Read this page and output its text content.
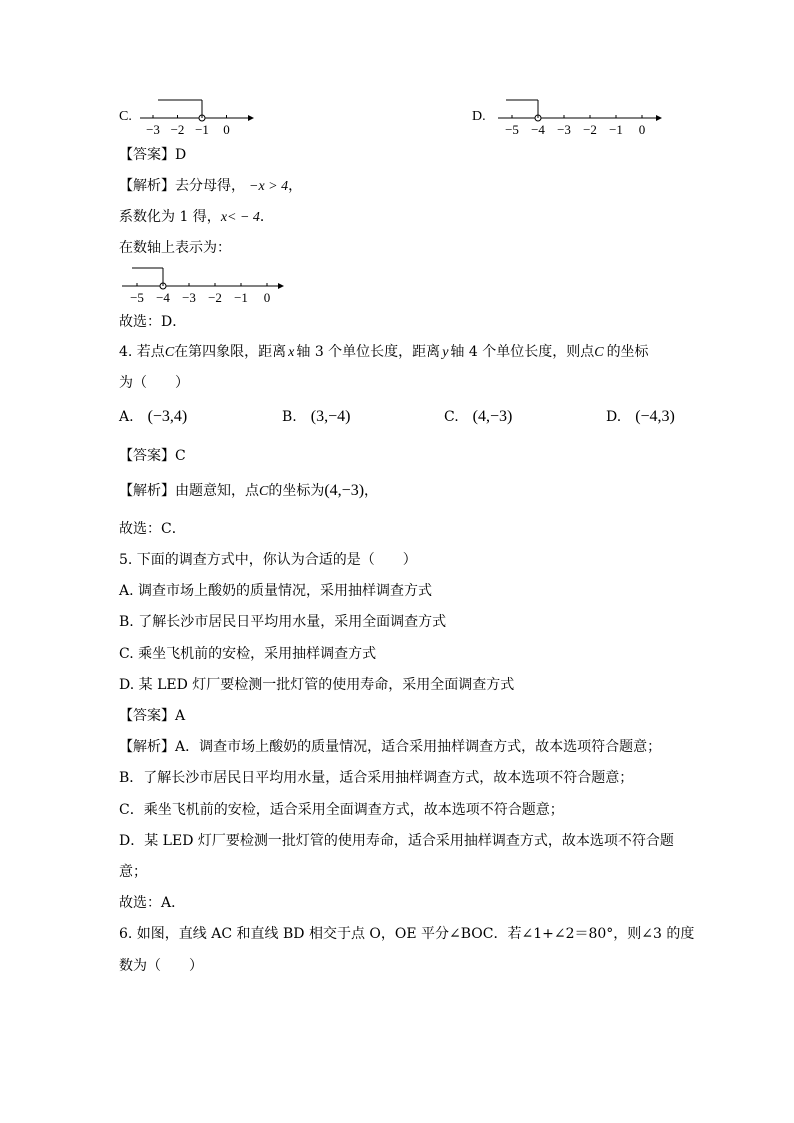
C.
−3 −2 −1 0
D.
−5 −4 −3 −2 −1 0
【答案】D
【解析】去分母得， −x > 4，
系数化为 1 得，x< − 4．
在数轴上表示为：
−5 −4 −3 −2 −1 0
故选：D．
4. 若点C在第四象限，距离 x 轴 3 个单位长度，距离 y 轴 4 个单位长度，则点C 的坐标
为（　　）
A. (−3,4)	B. (3,−4)	C. (4,−3)	D. (−4,3)
【答案】C
【解析】由题意知，点C的坐标为(4,−3)，
故选：C．
5. 下面的调查方式中，你认为合适的是（　　）
A. 调查市场上酸奶的质量情况，采用抽样调查方式
B. 了解长沙市居民日平均用水量，采用全面调查方式
C. 乘坐飞机前的安检，采用抽样调查方式
D. 某 LED 灯厂要检测一批灯管的使用寿命，采用全面调查方式
【答案】A
【解析】A．调查市场上酸奶的质量情况，适合采用抽样调查方式，故本选项符合题意；
B．了解长沙市居民日平均用水量，适合采用抽样调查方式，故本选项不符合题意；
C．乘坐飞机前的安检，适合采用全面调查方式，故本选项不符合题意；
D．某 LED 灯厂要检测一批灯管的使用寿命，适合采用抽样调查方式，故本选项不符合题
意；
故选：A．
6. 如图，直线 AC 和直线 BD 相交于点 O，OE 平分∠BOC．若∠1+∠2＝80°，则∠3 的度
数为（　　）
